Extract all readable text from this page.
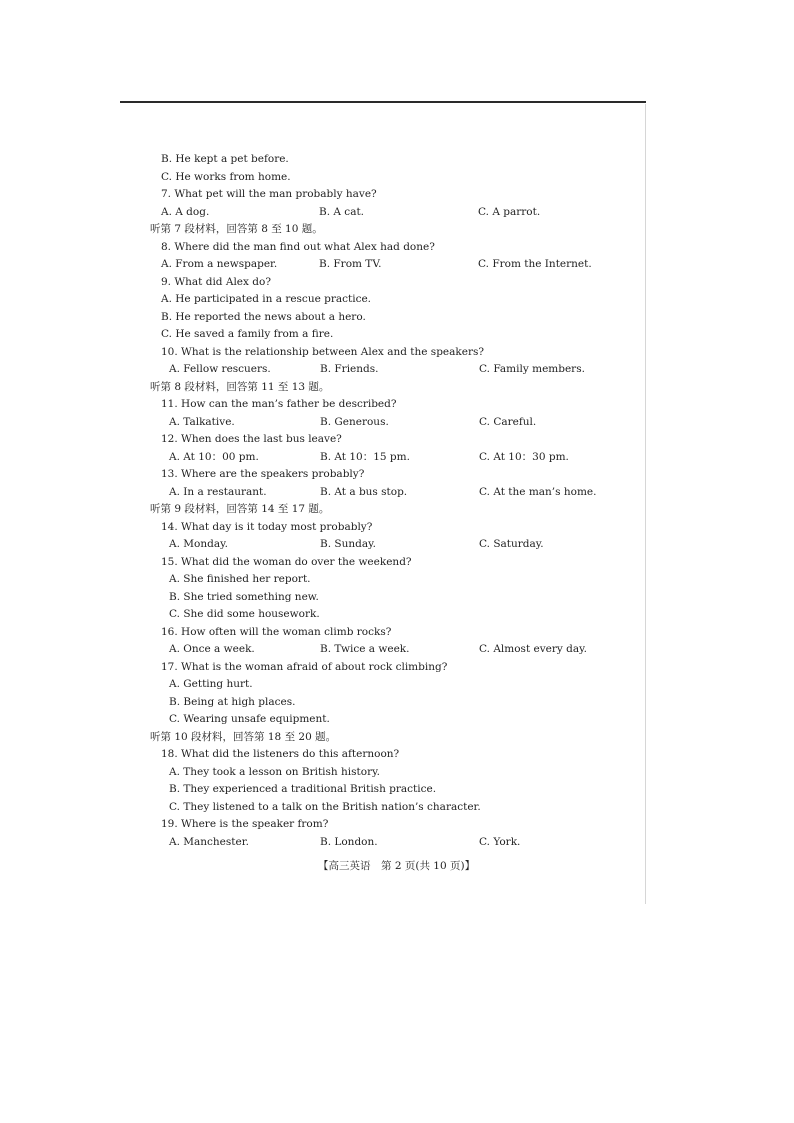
B. He kept a pet before.
C. He works from home.
7. What pet will the man probably have?
A. A dog.	B. A cat.	C. A parrot.
听第 7 段材料，回答第 8 至 10 题。
8. Where did the man find out what Alex had done?
A. From a newspaper.	B. From TV.	C. From the Internet.
9. What did Alex do?
A. He participated in a rescue practice.
B. He reported the news about a hero.
C. He saved a family from a fire.
10. What is the relationship between Alex and the speakers?
A. Fellow rescuers.	B. Friends.	C. Family members.
听第 8 段材料，回答第 11 至 13 题。
11. How can the man’s father be described?
A. Talkative.	B. Generous.	C. Careful.
12. When does the last bus leave?
A. At 10：00 pm.	B. At 10：15 pm.	C. At 10：30 pm.
13. Where are the speakers probably?
A. In a restaurant.	B. At a bus stop.	C. At the man’s home.
听第 9 段材料，回答第 14 至 17 题。
14. What day is it today most probably?
A. Monday.	B. Sunday.	C. Saturday.
15. What did the woman do over the weekend?
A. She finished her report.
B. She tried something new.
C. She did some housework.
16. How often will the woman climb rocks?
A. Once a week.	B. Twice a week.	C. Almost every day.
17. What is the woman afraid of about rock climbing?
A. Getting hurt.
B. Being at high places.
C. Wearing unsafe equipment.
听第 10 段材料，回答第 18 至 20 题。
18. What did the listeners do this afternoon?
A. They took a lesson on British history.
B. They experienced a traditional British practice.
C. They listened to a talk on the British nation’s character.
19. Where is the speaker from?
A. Manchester.	B. London.	C. York.
【高三英语　第 2 页(共 10 页)】
